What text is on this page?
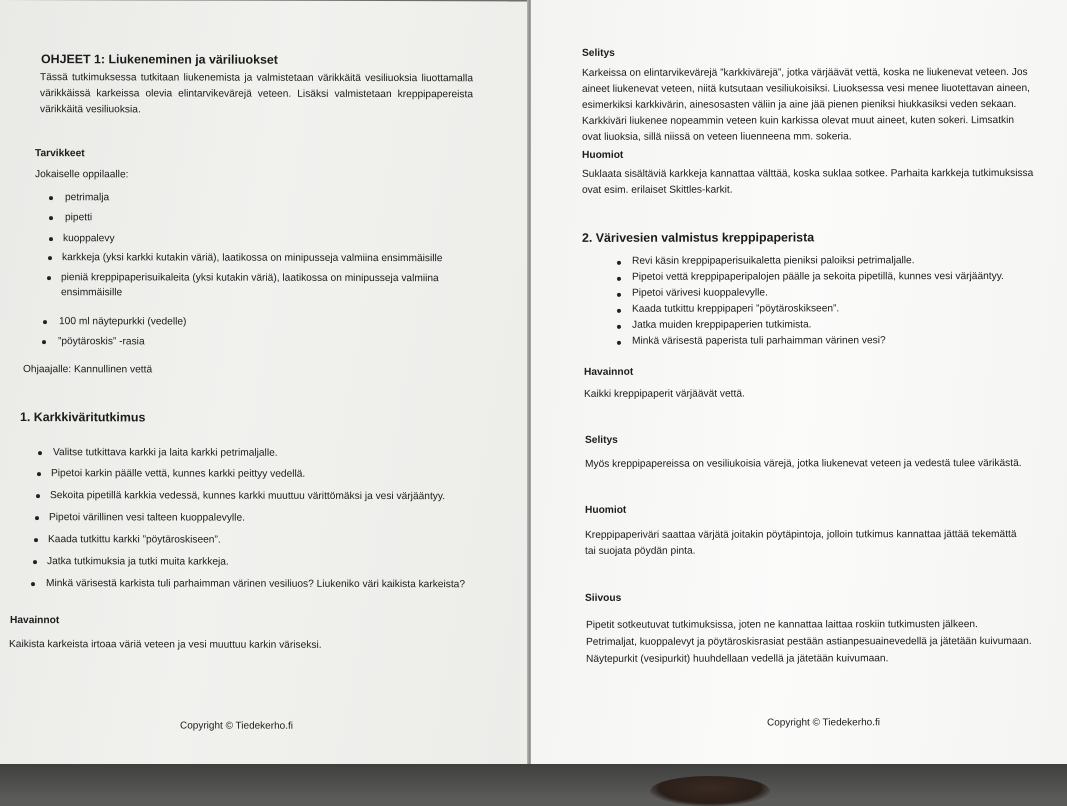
OHJEET 1: Liukeneminen ja väriliuokset
Tässä tutkimuksessa tutkitaan liukenemista ja valmistetaan värikkäitä vesiliuoksia liuottamalla värikkäissä karkeissa olevia elintarvikevärejä veteen. Lisäksi valmistetaan kreppipapereista värikkäitä vesiliuoksia.
Tarvikkeet
Jokaiselle oppilaalle:
petrimalja
pipetti
kuoppalevy
karkkeja (yksi karkki kutakin väriä), laatikossa on minipusseja valmiina ensimmäisille
pieniä kreppipaperisuikaleita (yksi kutakin väriä), laatikossa on minipusseja valmiina
ensimmäisille
100 ml näytepurkki (vedelle)
”pöytäroskis” -rasia
Ohjaajalle: Kannullinen vettä
1. Karkkiväritutkimus
Valitse tutkittava karkki ja laita karkki petrimaljalle.
Pipetoi karkin päälle vettä, kunnes karkki peittyy vedellä.
Sekoita pipetillä karkkia vedessä, kunnes karkki muuttuu värittömäksi ja vesi värjääntyy.
Pipetoi värillinen vesi talteen kuoppalevylle.
Kaada tutkittu karkki ”pöytäroskiseen”.
Jatka tutkimuksia ja tutki muita karkkeja.
Minkä värisestä karkista tuli parhaimman värinen vesiliuos? Liukeniko väri kaikista karkeista?
Havainnot
Kaikista karkeista irtoaa väriä veteen ja vesi muuttuu karkin väriseksi.
Copyright © Tiedekerho.fi
Selitys
Karkeissa on elintarvikevärejä ”karkkivärejä”, jotka värjäävät vettä, koska ne liukenevat veteen. Jos
aineet liukenevat veteen, niitä kutsutaan vesiliukoisiksi. Liuoksessa vesi menee liuotettavan aineen,
esimerkiksi karkkivärin, ainesosasten väliin ja aine jää pienen pieniksi hiukkasiksi veden sekaan.
Karkkiväri liukenee nopeammin veteen kuin karkissa olevat muut aineet, kuten sokeri. Limsatkin
ovat liuoksia, sillä niissä on veteen liuenneena mm. sokeria.
Huomiot
Suklaata sisältäviä karkkeja kannattaa välttää, koska suklaa sotkee. Parhaita karkkeja tutkimuksissa
ovat esim. erilaiset Skittles-karkit.
2. Värivesien valmistus kreppipaperista
Revi käsin kreppipaperisuikaletta pieniksi paloiksi petrimaljalle.
Pipetoi vettä kreppipaperipalojen päälle ja sekoita pipetillä, kunnes vesi värjääntyy.
Pipetoi värivesi kuoppalevylle.
Kaada tutkittu kreppipaperi ”pöytäroskikseen”.
Jatka muiden kreppipaperien tutkimista.
Minkä värisestä paperista tuli parhaimman värinen vesi?
Havainnot
Kaikki kreppipaperit värjäävät vettä.
Selitys
Myös kreppipapereissa on vesiliukoisia värejä, jotka liukenevat veteen ja vedestä tulee värikästä.
Huomiot
Kreppipaperiväri saattaa värjätä joitakin pöytäpintoja, jolloin tutkimus kannattaa jättää tekemättä
tai suojata pöydän pinta.
Siivous
Pipetit sotkeutuvat tutkimuksissa, joten ne kannattaa laittaa roskiin tutkimusten jälkeen.
Petrimaljat, kuoppalevyt ja pöytäroskisrasiat pestään astianpesuainevedellä ja jätetään kuivumaan.
Näytepurkit (vesipurkit) huuhdellaan vedellä ja jätetään kuivumaan.
Copyright © Tiedekerho.fi
